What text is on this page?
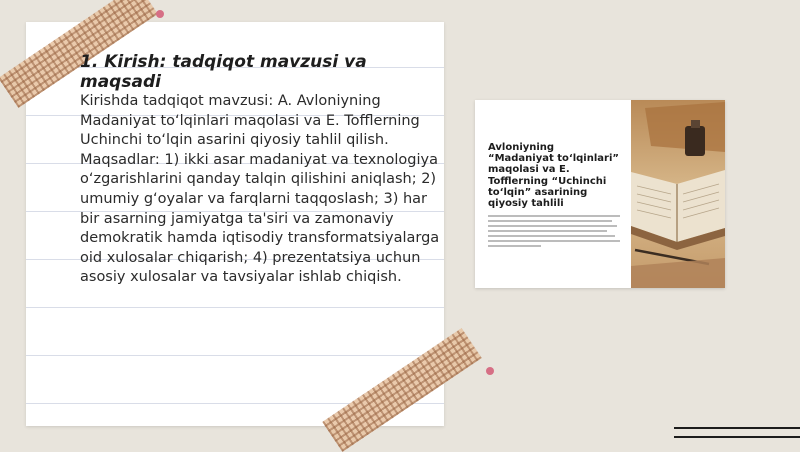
1. Kirish: tadqiqot mavzusi va maqsadi

Kirishda tadqiqot mavzusi: A. Avloniyning Madaniyat to‘lqinlari maqolasi va E. Tofflerning Uchinchi to‘lqin asarini qiyosiy tahlil qilish. Maqsadlar: 1) ikki asar madaniyat va texnologiya o‘zgarishlarini qanday talqin qilishini aniqlash; 2) umumiy g‘oyalar va farqlarni taqqoslash; 3) har bir asarning jamiyatga ta'siri va zamonaviy demokratik hamda iqtisodiy transformatsiyalarga oid xulosalar chiqarish; 4) prezentatsiya uchun asosiy xulosalar va tavsiyalar ishlab chiqish.

Avloniyning “Madaniyat to‘lqinlari” maqolasi va E. Tofflerning “Uchinchi to‘lqin” asarining qiyosiy tahlili
